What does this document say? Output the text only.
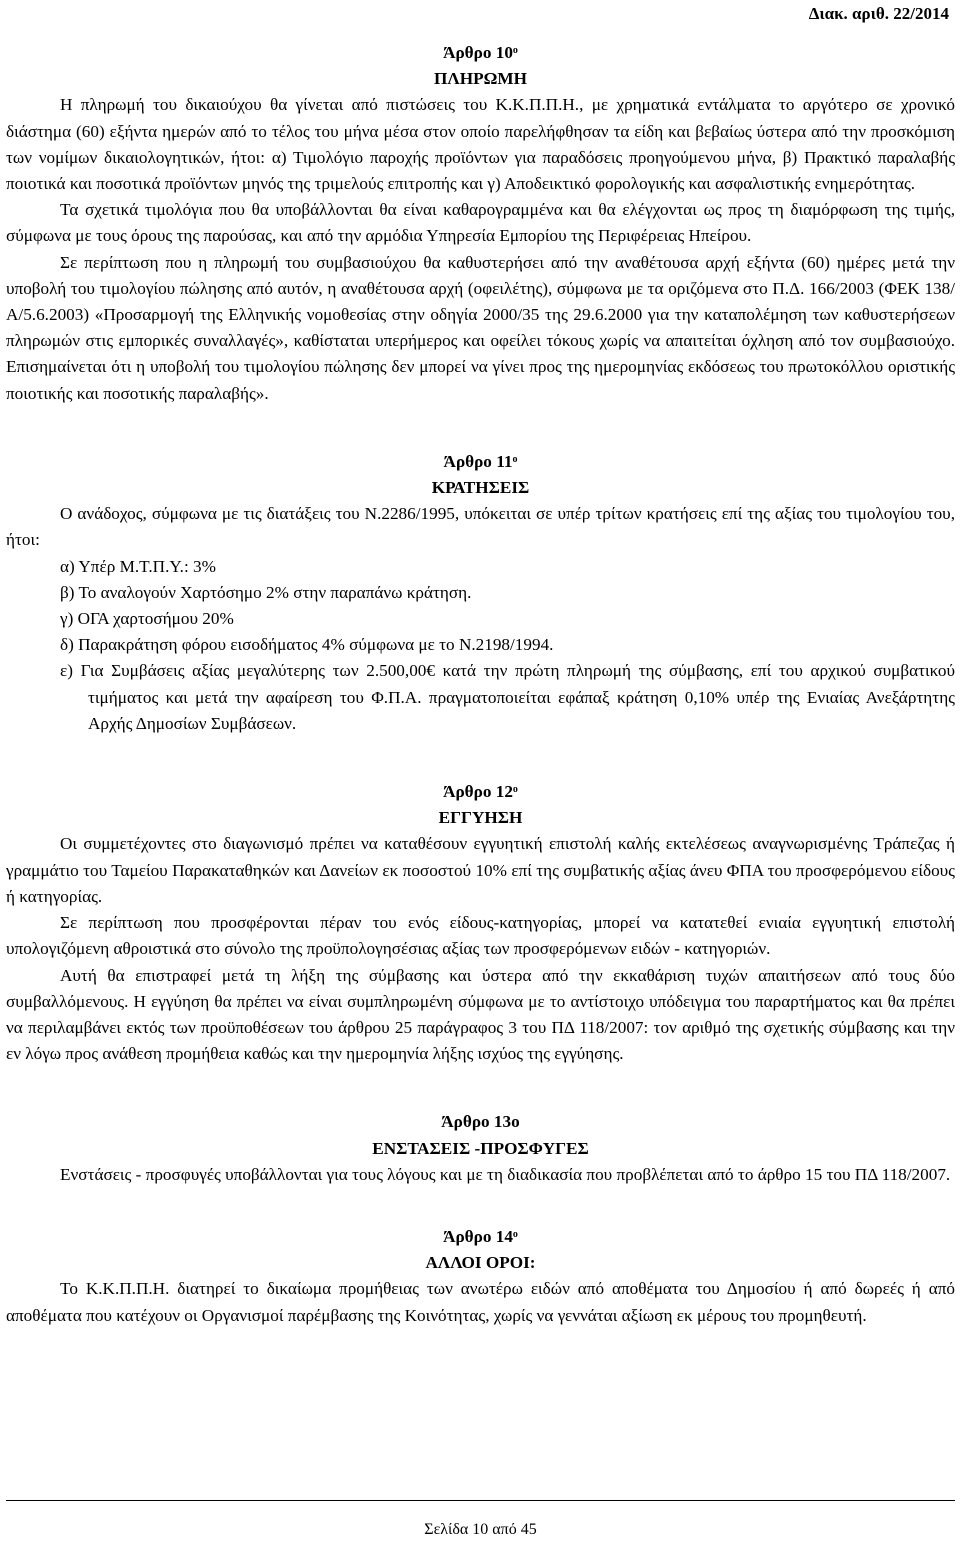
Διακ. αριθ. 22/2014
Άρθρο $10^o$
ΠΛΗΡΩΜΗ

Η πληρωμή του δικαιούχου θα γίνεται από πιστώσεις του Κ.Κ.Π.Π.Η., με χρηματικά εντάλματα το αργότερο σε χρονικό διάστημα (60) εξήντα ημερών από το τέλος του μήνα μέσα στον οποίο παρελήφθησαν τα είδη και βεβαίως ύστερα από την προσκόμιση των νομίμων δικαιολογητικών, ήτοι: α) Τιμολόγιο παροχής προϊόντων για παραδόσεις προηγούμενου μήνα, β) Πρακτικό παραλαβής ποιοτικά και ποσοτικά προϊόντων μηνός της τριμελούς επιτροπής και γ) Αποδεικτικό φορολογικής και ασφαλιστικής ενημερότητας.

Τα σχετικά τιμολόγια που θα υποβάλλονται θα είναι καθαρογραμμένα και θα ελέγχονται ως προς τη διαμόρφωση της τιμής, σύμφωνα με τους όρους της παρούσας, και από την αρμόδια Υπηρεσία Εμπορίου της Περιφέρειας Ηπείρου.

Σε περίπτωση που η πληρωμή του συμβασιούχου θα καθυστερήσει από την αναθέτουσα αρχή εξήντα (60) ημέρες μετά την υποβολή του τιμολογίου πώλησης από αυτόν, η αναθέτουσα αρχή (οφειλέτης), σύμφωνα με τα οριζόμενα στο Π.Δ. 166/2003 (ΦΕΚ 138/Α/5.6.2003) «Προσαρμογή της Ελληνικής νομοθεσίας στην οδηγία 2000/35 της 29.6.2000 για την καταπολέμηση των καθυστερήσεων πληρωμών στις εμπορικές συναλλαγές», καθίσταται υπερήμερος και οφείλει τόκους χωρίς να απαιτείται όχληση από τον συμβασιούχο. Επισημαίνεται ότι η υποβολή του τιμολογίου πώλησης δεν μπορεί να γίνει προς της ημερομηνίας εκδόσεως του πρωτοκόλλου οριστικής ποιοτικής και ποσοτικής παραλαβής».

Άρθρο $11^o$
ΚΡΑΤΗΣΕΙΣ

Ο ανάδοχος, σύμφωνα με τις διατάξεις του Ν.2286/1995, υπόκειται σε υπέρ τρίτων κρατήσεις επί της αξίας του τιμολογίου του, ήτοι:

α) Υπέρ Μ.Τ.Π.Υ.: 3%

β) Το αναλογούν Χαρτόσημο 2% στην παραπάνω κράτηση.

γ) ΟΓΑ χαρτοσήμου 20%

δ) Παρακράτηση φόρου εισοδήματος 4% σύμφωνα με το Ν.2198/1994.

ε) Για Συμβάσεις αξίας μεγαλύτερης των 2.500,00€ κατά την πρώτη πληρωμή της σύμβασης, επί του αρχικού συμβατικού τιμήματος και μετά την αφαίρεση του Φ.Π.Α. πραγματοποιείται εφάπαξ κράτηση 0,10% υπέρ της Ενιαίας Ανεξάρτητης Αρχής Δημοσίων Συμβάσεων.

Άρθρο $12^o$
ΕΓΓΥΗΣΗ

Οι συμμετέχοντες στο διαγωνισμό πρέπει να καταθέσουν εγγυητική επιστολή καλής εκτελέσεως αναγνωρισμένης Τράπεζας ή γραμμάτιο του Ταμείου Παρακαταθηκών και Δανείων εκ ποσοστού 10% επί της συμβατικής αξίας άνευ ΦΠΑ του προσφερόμενου είδους ή κατηγορίας.

Σε περίπτωση που προσφέρονται πέραν του ενός είδους-κατηγορίας, μπορεί να κατατεθεί ενιαία εγγυητική επιστολή υπολογιζόμενη αθροιστικά στο σύνολο της προϋπολογησέσιας αξίας των προσφερόμενων ειδών - κατηγοριών.

Αυτή θα επιστραφεί μετά τη λήξη της σύμβασης και ύστερα από την εκκαθάριση τυχών απαιτήσεων από τους δύο συμβαλλόμενους. Η εγγύηση θα πρέπει να είναι συμπληρωμένη σύμφωνα με το αντίστοιχο υπόδειγμα του παραρτήματος και θα πρέπει να περιλαμβάνει εκτός των προϋποθέσεων του άρθρου 25 παράγραφος 3 του ΠΔ 118/2007: τον αριθμό της σχετικής σύμβασης και την εν λόγω προς ανάθεση προμήθεια καθώς και την ημερομηνία λήξης ισχύος της εγγύησης.

Άρθρο 13ο
ΕΝΣΤΑΣΕΙΣ -ΠΡΟΣΦΥΓΕΣ

Ενστάσεις - προσφυγές υποβάλλονται για τους λόγους και με τη διαδικασία που προβλέπεται από το άρθρο 15 του ΠΔ 118/2007.

Άρθρο $14^o$
ΑΛΛΟΙ ΟΡΟΙ:

Το Κ.Κ.Π.Π.Η. διατηρεί το δικαίωμα προμήθειας των ανωτέρω ειδών από αποθέματα του Δημοσίου ή από δωρεές ή από αποθέματα που κατέχουν οι Οργανισμοί παρέμβασης της Κοινότητας, χωρίς να γεννάται αξίωση εκ μέρους του προμηθευτή.

Σελίδα 10 από 45
